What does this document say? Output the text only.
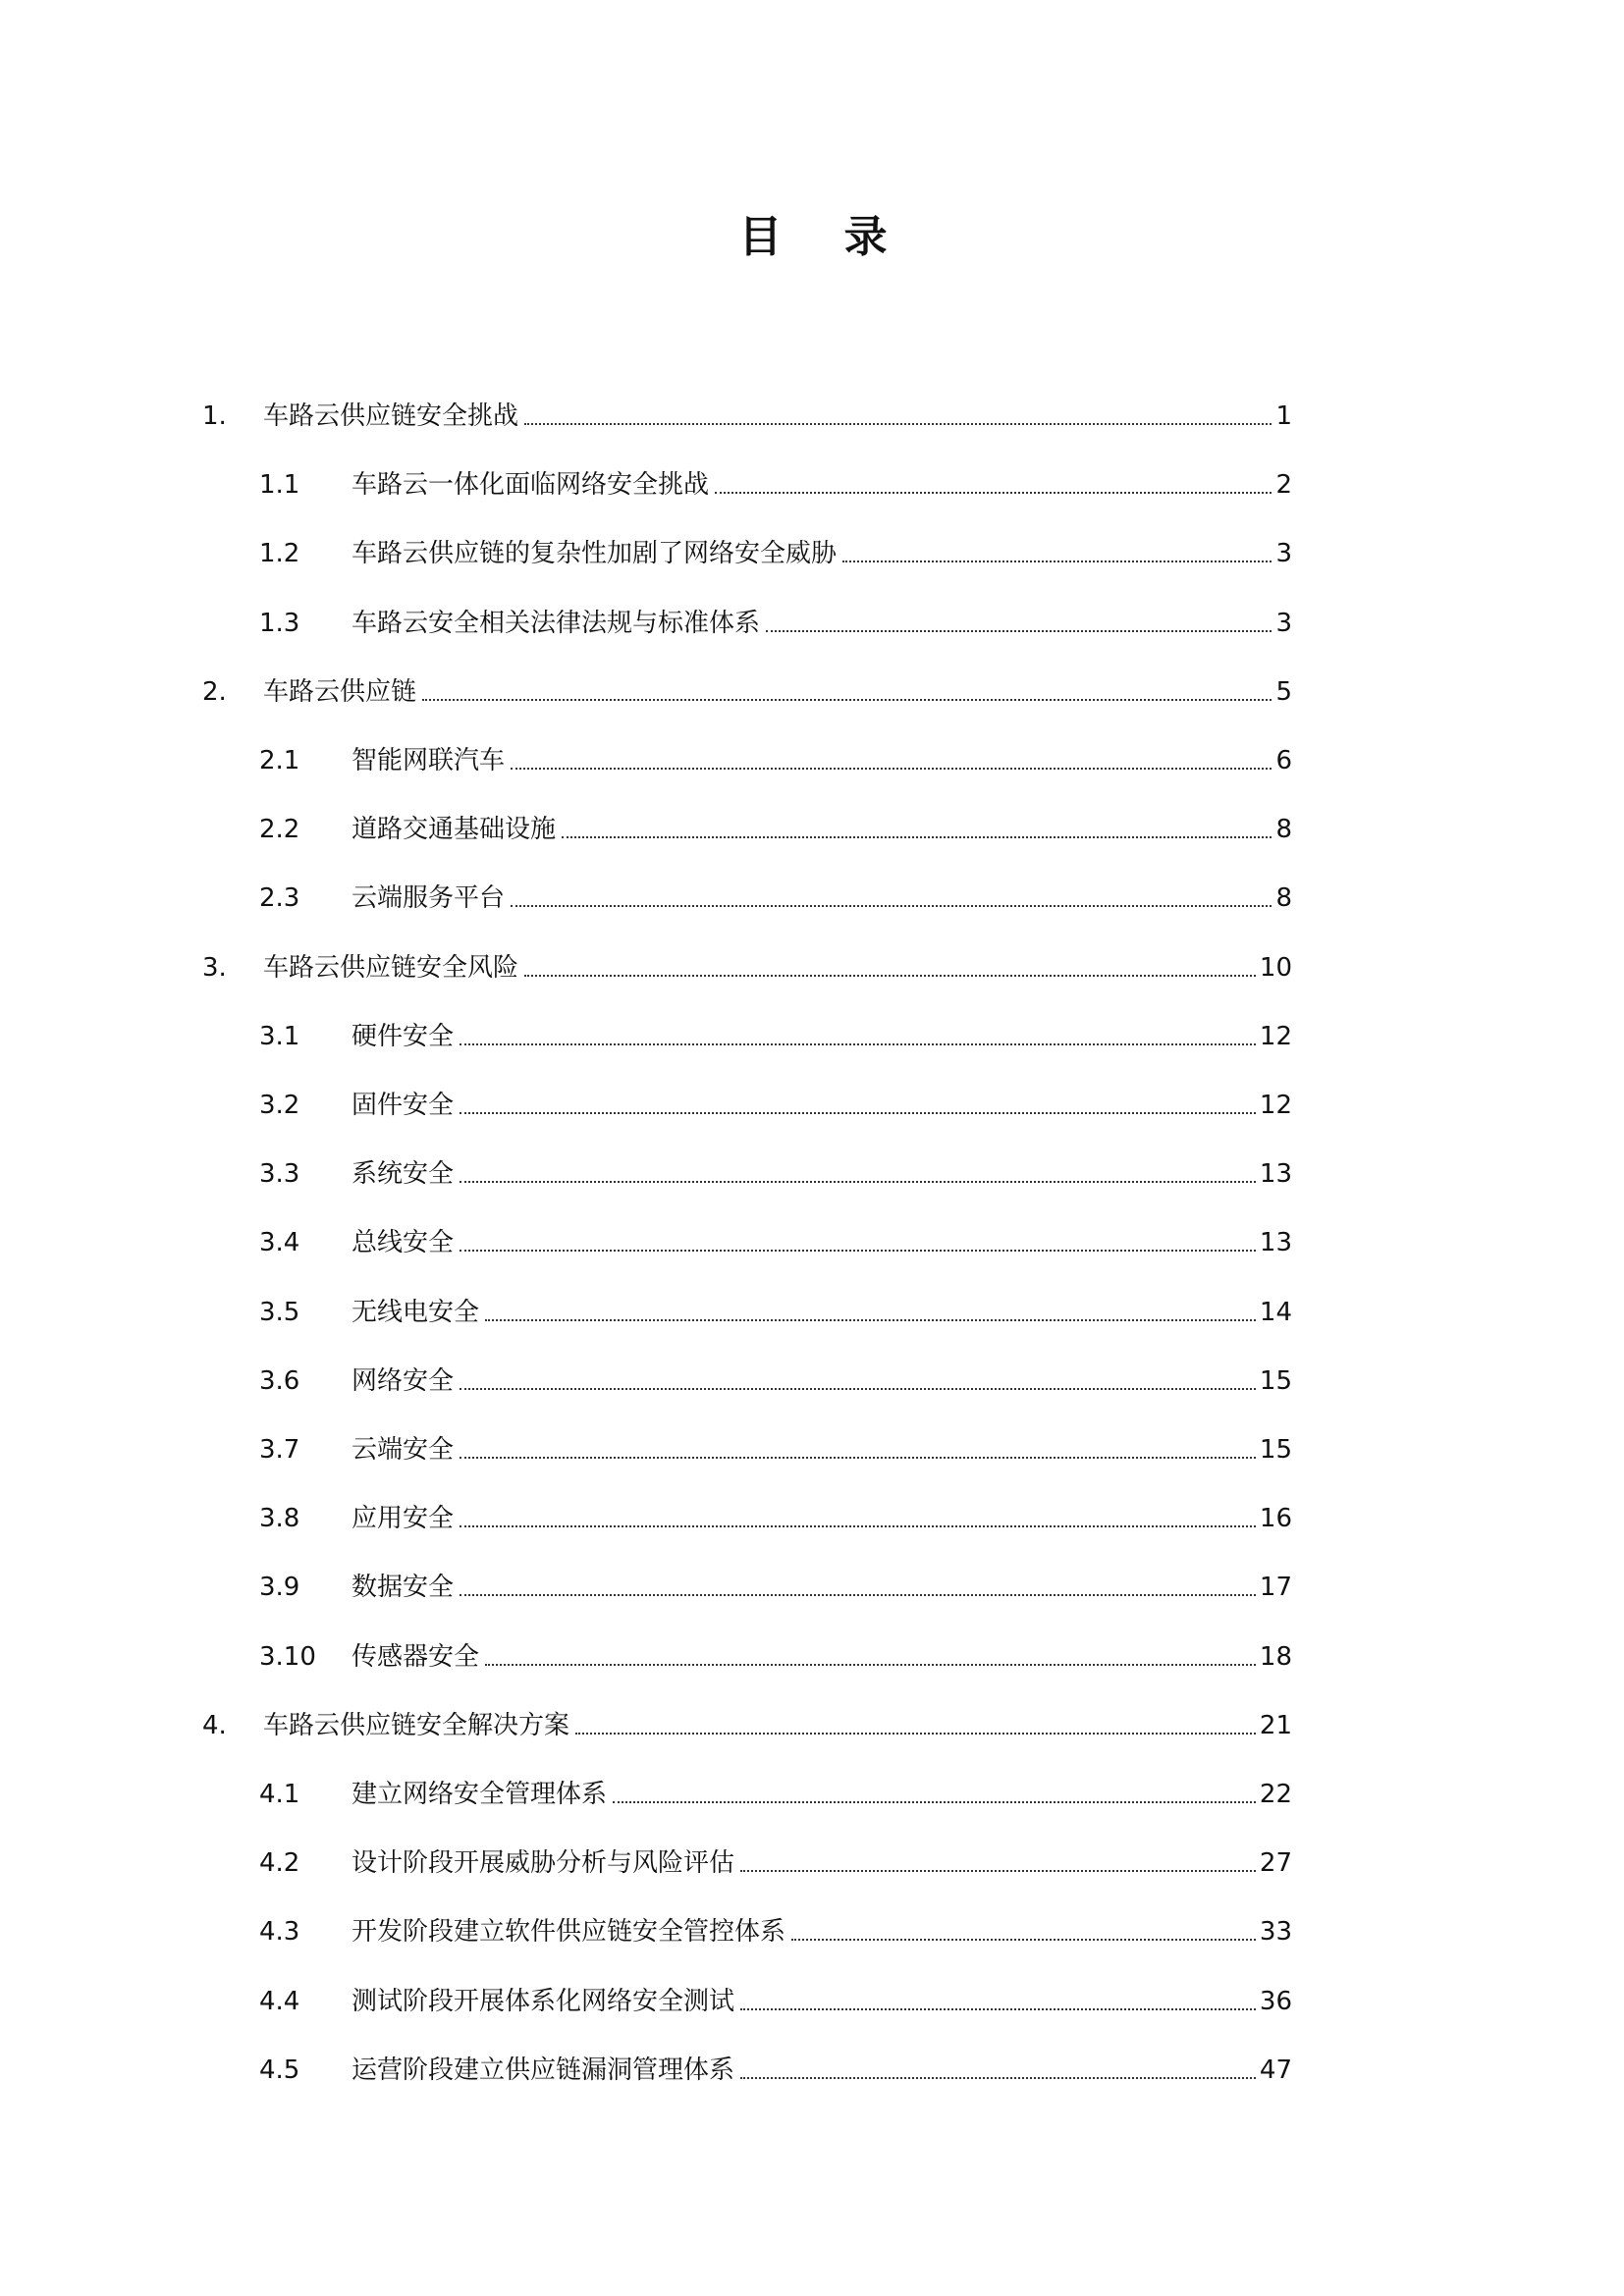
目 录
1.	车路云供应链安全挑战	1
1.1	车路云一体化面临网络安全挑战	2
1.2	车路云供应链的复杂性加剧了网络安全威胁	3
1.3	车路云安全相关法律法规与标准体系	3
2.	车路云供应链	5
2.1	智能网联汽车	6
2.2	道路交通基础设施	8
2.3	云端服务平台	8
3.	车路云供应链安全风险	10
3.1	硬件安全	12
3.2	固件安全	12
3.3	系统安全	13
3.4	总线安全	13
3.5	无线电安全	14
3.6	网络安全	15
3.7	云端安全	15
3.8	应用安全	16
3.9	数据安全	17
3.10	传感器安全	18
4.	车路云供应链安全解决方案	21
4.1	建立网络安全管理体系	22
4.2	设计阶段开展威胁分析与风险评估	27
4.3	开发阶段建立软件供应链安全管控体系	33
4.4	测试阶段开展体系化网络安全测试	36
4.5	运营阶段建立供应链漏洞管理体系	47
